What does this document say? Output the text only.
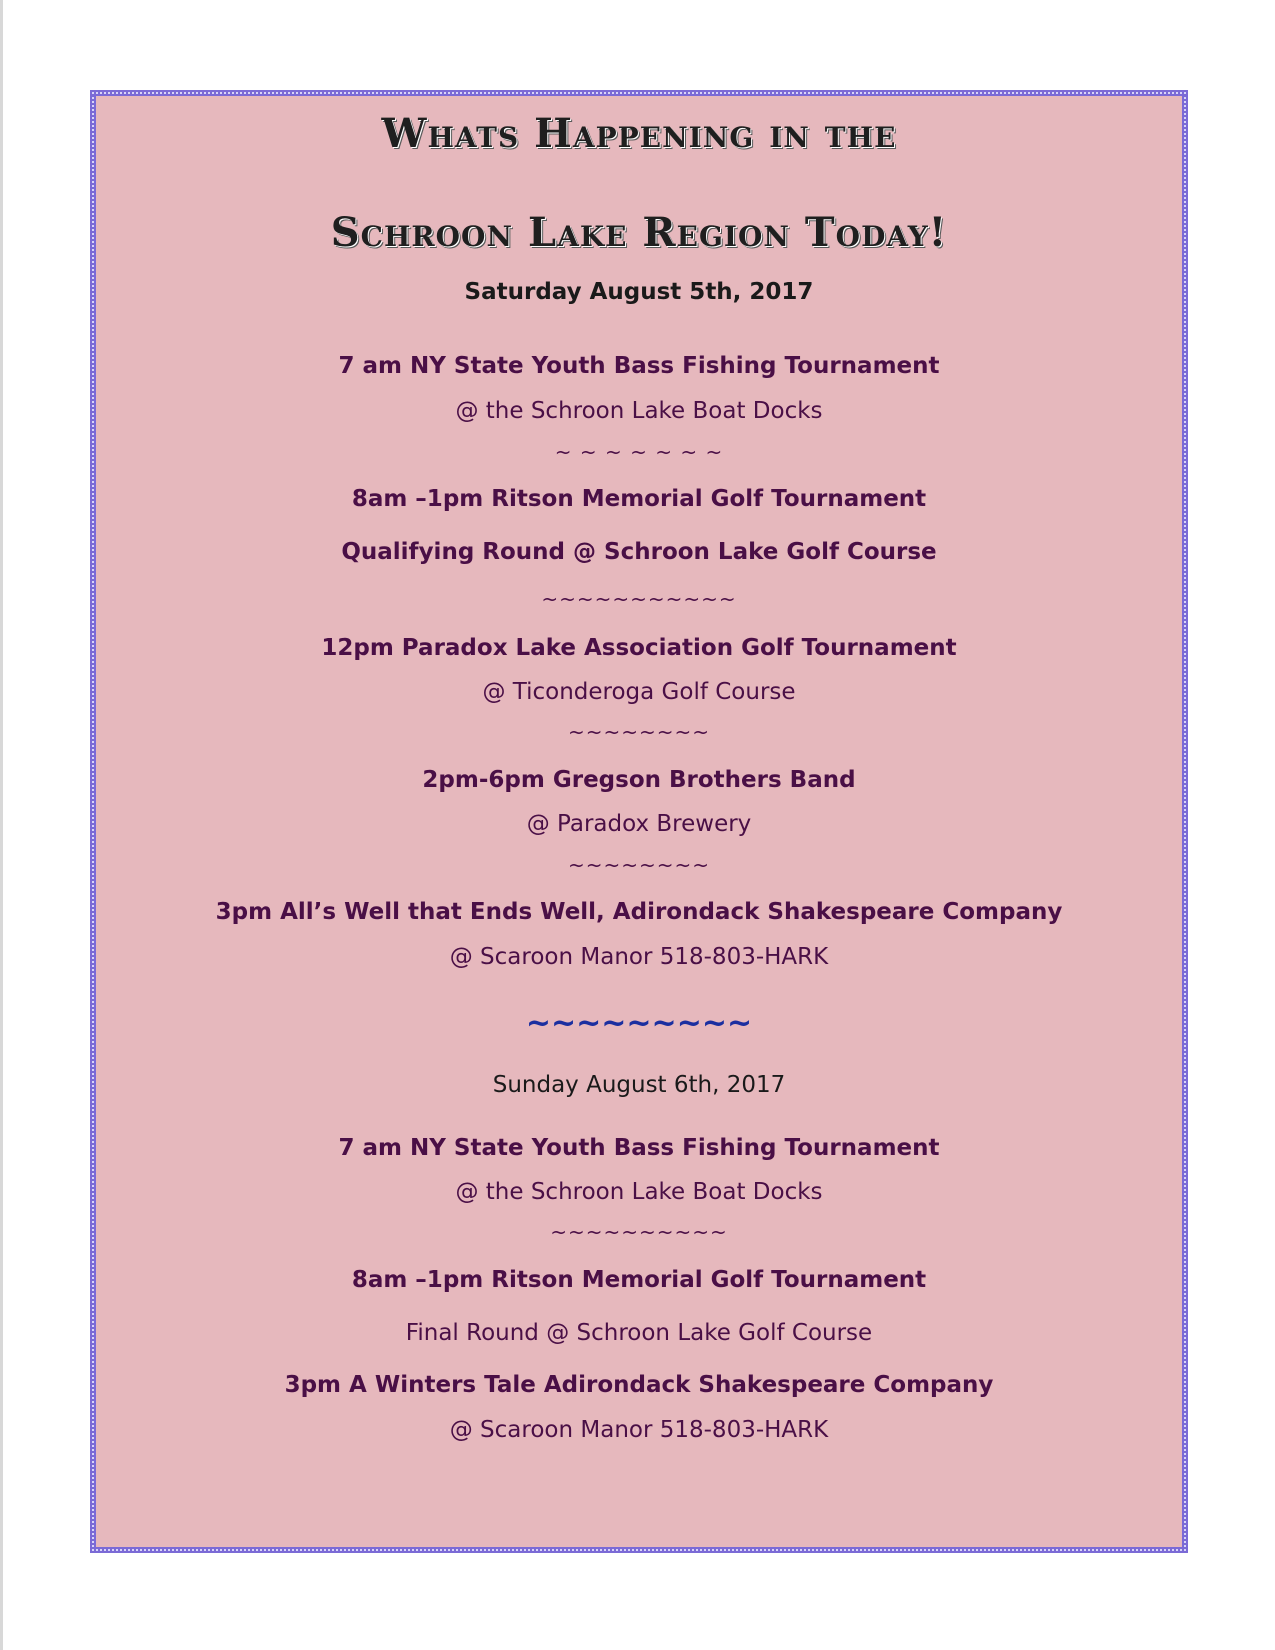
Whats Happening in the
Schroon Lake Region Today!
Saturday August 5th, 2017
7 am NY State Youth Bass Fishing Tournament
@ the Schroon Lake Boat Docks
~ ~ ~ ~ ~ ~ ~
8am –1pm Ritson Memorial Golf Tournament
Qualifying Round @ Schroon Lake Golf Course
~~~~~~~~~~~
12pm Paradox Lake Association Golf Tournament
@ Ticonderoga Golf Course
~~~~~~~~
2pm-6pm Gregson Brothers Band
@ Paradox Brewery
~~~~~~~~
3pm All’s Well that Ends Well, Adirondack Shakespeare Company
@ Scaroon Manor 518-803-HARK
~~~~~~~~~
Sunday August 6th, 2017
7 am NY State Youth Bass Fishing Tournament
@ the Schroon Lake Boat Docks
~~~~~~~~~~
8am –1pm Ritson Memorial Golf Tournament
Final Round @ Schroon Lake Golf Course
3pm A Winters Tale Adirondack Shakespeare Company
@ Scaroon Manor 518-803-HARK
